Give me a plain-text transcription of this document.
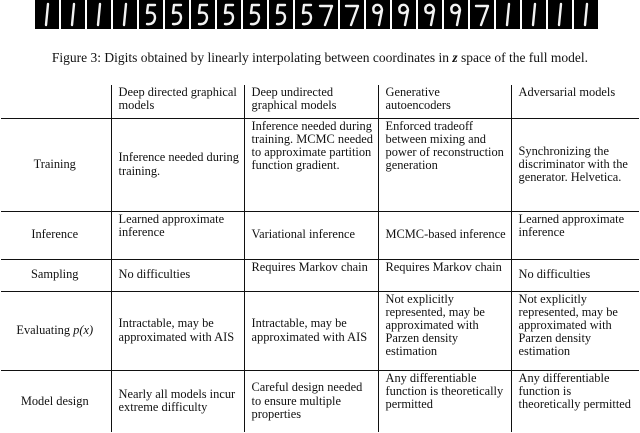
Figure 3: Digits obtained by linearly interpolating between coordinates in z space of the full model.
	Deep directed graphical models	Deep undirected graphical models	Generative autoencoders	Adversarial models
Training	Inference needed during training.	Inference needed during training. MCMC needed to approximate partition function gradient.	Enforced tradeoff between mixing and power of reconstruction generation	Synchronizing the discriminator with the generator. Helvetica.
Inference	Learned approximate inference	Variational inference	MCMC-based inference	Learned approximate inference
Sampling	No difficulties	Requires Markov chain	Requires Markov chain	No difficulties
Evaluating p(x)	Intractable, may be approximated with AIS	Intractable, may be approximated with AIS	Not explicitly represented, may be approximated with Parzen density estimation	Not explicitly represented, may be approximated with Parzen density estimation
Model design	Nearly all models incur extreme difficulty	Careful design needed to ensure multiple properties	Any differentiable function is theoretically permitted	Any differentiable function is theoretically permitted
